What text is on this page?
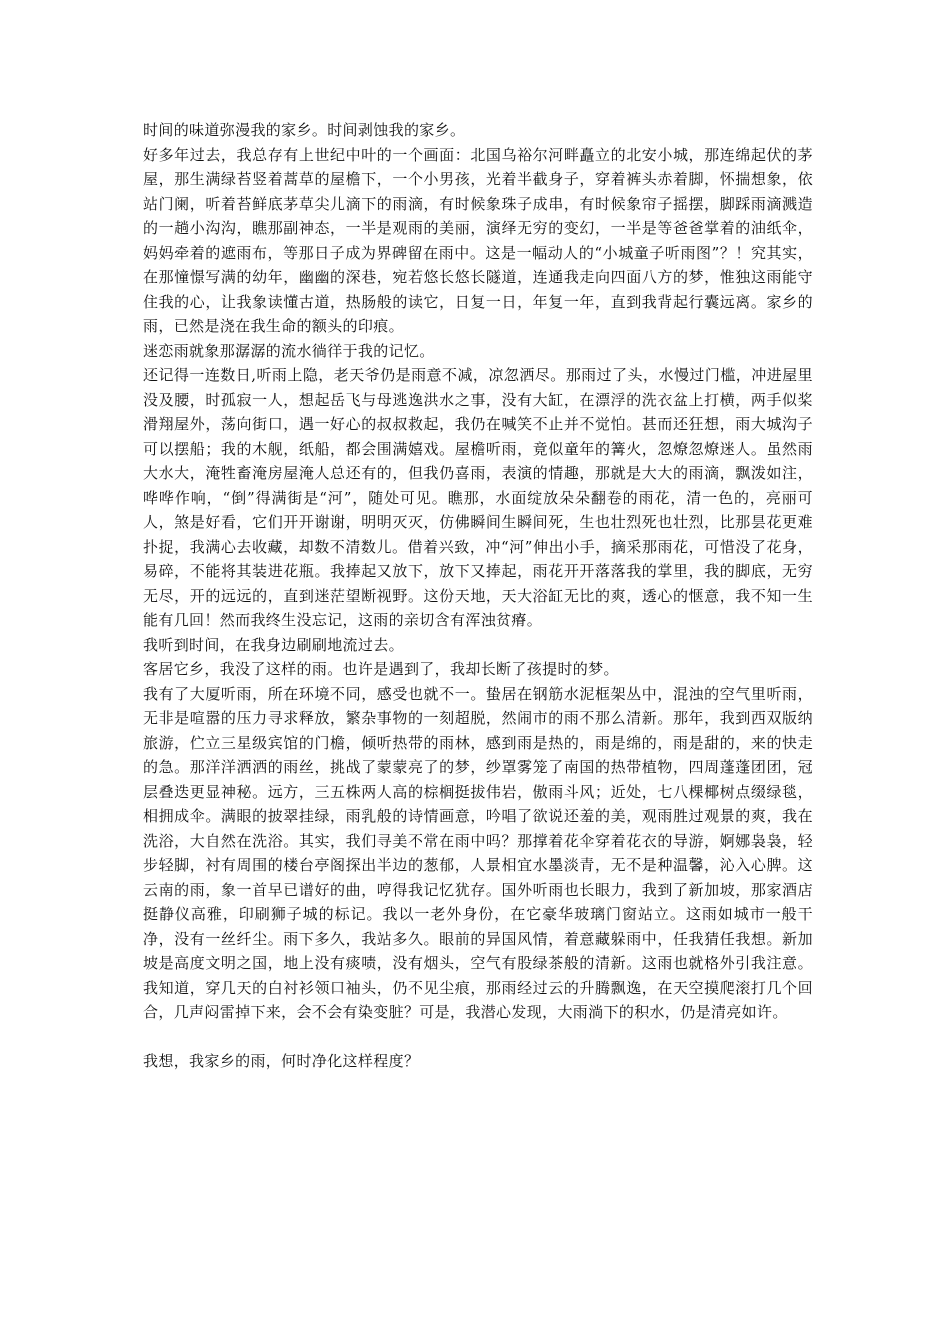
时间的味道弥漫我的家乡。时间剥蚀我的家乡。

好多年过去，我总存有上世纪中叶的一个画面：北国乌裕尔河畔矗立的北安小城，那连绵起伏的茅屋，那生满绿苔竖着蒿草的屋檐下，一个小男孩，光着半截身子，穿着裤头赤着脚，怀揣想象，依站门阑，听着苔鲜底茅草尖儿滴下的雨滴，有时候象珠子成串，有时候象帘子摇摆，脚踩雨滴溅造的一趟小沟沟，瞧那副神态，一半是观雨的美丽，演绎无穷的变幻，一半是等爸爸掌着的油纸伞，妈妈牵着的遮雨布，等那日子成为界碑留在雨中。这是一幅动人的“小城童子听雨图”？！究其实，在那憧憬写满的幼年，幽幽的深巷，宛若悠长悠长隧道，连通我走向四面八方的梦，惟独这雨能守住我的心，让我象读懂古道，热肠般的读它，日复一日，年复一年，直到我背起行囊远离。家乡的雨，已然是浇在我生命的额头的印痕。

迷恋雨就象那潺潺的流水徜徉于我的记忆。

还记得一连数日,听雨上隐，老天爷仍是雨意不减，凉忽洒尽。那雨过了头，水慢过门槛，冲进屋里没及腰，时孤寂一人，想起岳飞与母逃逸洪水之事，没有大缸，在漂浮的洗衣盆上打横，两手似桨滑翔屋外，荡向街口，遇一好心的叔叔救起，我仍在喊笑不止并不觉怕。甚而还狂想，雨大城沟子可以摆船；我的木舰，纸船，都会围满嬉戏。屋檐听雨，竟似童年的篝火，忽燎忽燎迷人。虽然雨大水大，淹牲畜淹房屋淹人总还有的，但我仍喜雨，表演的情趣，那就是大大的雨滴，飘泼如注，哗哗作响，“倒”得满街是“河”，随处可见。瞧那，水面绽放朵朵翻卷的雨花，清一色的，亮丽可人，煞是好看，它们开开谢谢，明明灭灭，仿佛瞬间生瞬间死，生也壮烈死也壮烈，比那昙花更难扑捉，我满心去收藏，却数不清数儿。借着兴致，冲“河”伸出小手，摘采那雨花，可惜没了花身，易碎，不能将其装进花瓶。我捧起又放下，放下又捧起，雨花开开落落我的掌里，我的脚底，无穷无尽，开的远远的，直到迷茫望断视野。这份天地，天大浴缸无比的爽，透心的惬意，我不知一生能有几回！然而我终生没忘记，这雨的亲切含有浑浊贫瘠。

我听到时间，在我身边刷刷地流过去。

客居它乡，我没了这样的雨。也许是遇到了，我却长断了孩提时的梦。

我有了大厦听雨，所在环境不同，感受也就不一。蛰居在钢筋水泥框架丛中，混浊的空气里听雨，无非是喧嚣的压力寻求释放，繁杂事物的一刻超脱，然闹市的雨不那么清新。那年，我到西双版纳旅游，伫立三星级宾馆的门檐，倾听热带的雨林，感到雨是热的，雨是绵的，雨是甜的，来的快走的急。那洋洋洒洒的雨丝，挑战了蒙蒙亮了的梦，纱罩雾笼了南国的热带植物，四周蓬蓬团团，冠层叠迭更显神秘。远方，三五株两人高的棕榈挺拔伟岩，傲雨斗风；近处，七八棵椰树点缀绿毯，相拥成伞。满眼的披翠挂绿，雨乳般的诗情画意，吟唱了欲说还羞的美，观雨胜过观景的爽，我在洗浴，大自然在洗浴。其实，我们寻美不常在雨中吗？那撑着花伞穿着花衣的导游，婀娜袅袅，轻步轻脚，衬有周围的楼台亭阁探出半边的葱郁，人景相宜水墨淡青，无不是种温馨，沁入心脾。这云南的雨，象一首早已谱好的曲，哼得我记忆犹存。国外听雨也长眼力，我到了新加坡，那家酒店挺静仪高雅，印刷狮子城的标记。我以一老外身份，在它豪华玻璃门窗站立。这雨如城市一般干净，没有一丝纤尘。雨下多久，我站多久。眼前的异国风情，着意藏躲雨中，任我猜任我想。新加坡是高度文明之国，地上没有痰啧，没有烟头，空气有股绿茶般的清新。这雨也就格外引我注意。我知道，穿几天的白衬衫领口袖头，仍不见尘痕，那雨经过云的升腾飘逸，在天空摸爬滚打几个回合，几声闷雷掉下来，会不会有染变脏？可是，我潜心发现，大雨淌下的积水，仍是清亮如许。

我想，我家乡的雨，何时净化这样程度？
